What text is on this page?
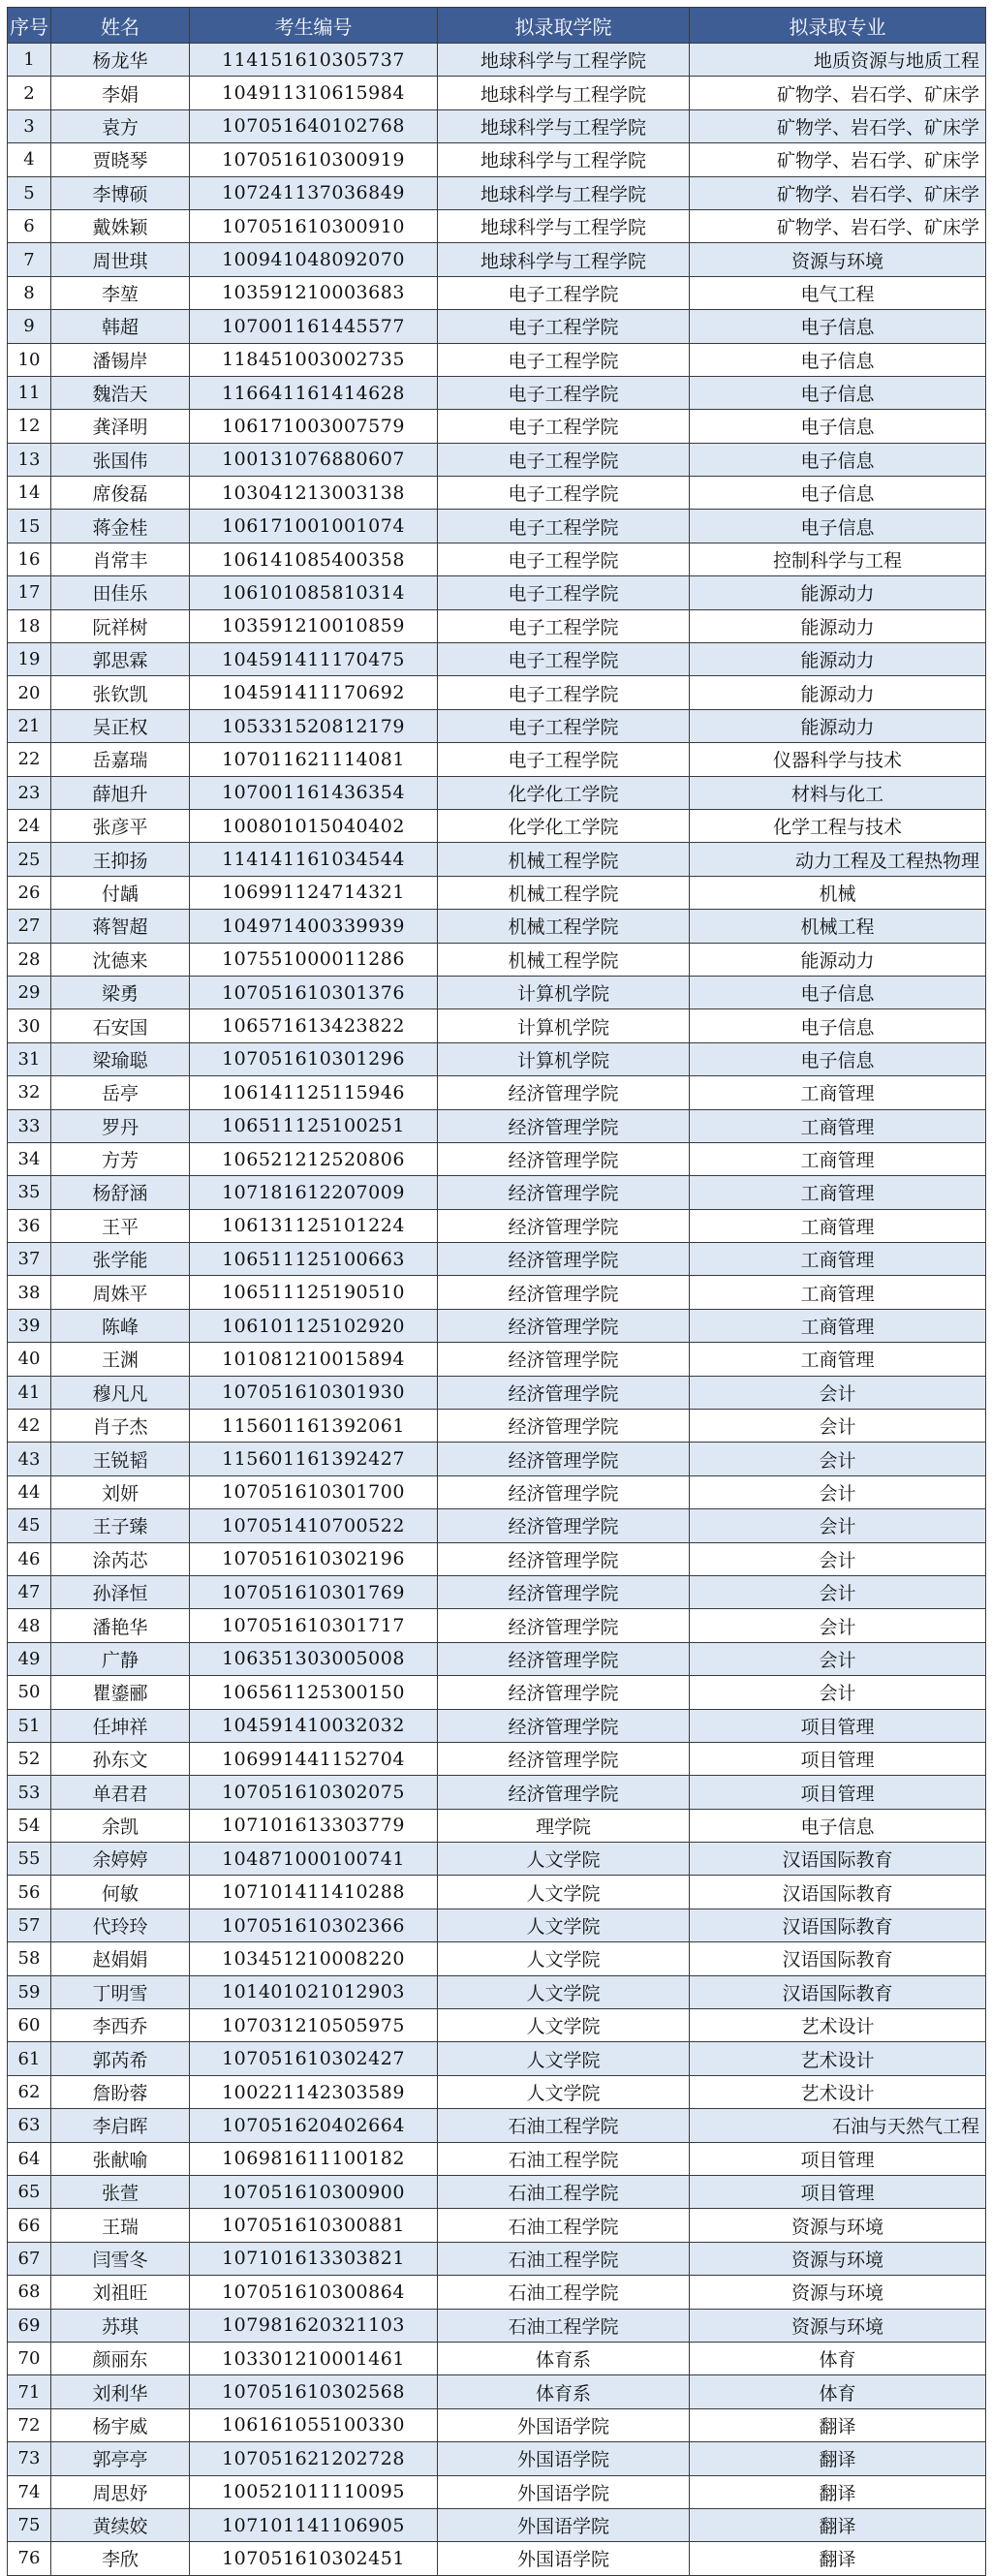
序号	姓名	考生编号	拟录取学院	拟录取专业
1	杨龙华	114151610305737	地球科学与工程学院	地质资源与地质工程
2	李娟	104911310615984	地球科学与工程学院	矿物学、岩石学、矿床学
3	袁方	107051640102768	地球科学与工程学院	矿物学、岩石学、矿床学
4	贾晓琴	107051610300919	地球科学与工程学院	矿物学、岩石学、矿床学
5	李博硕	107241137036849	地球科学与工程学院	矿物学、岩石学、矿床学
6	戴姝颖	107051610300910	地球科学与工程学院	矿物学、岩石学、矿床学
7	周世琪	100941048092070	地球科学与工程学院	资源与环境
8	李堃	103591210003683	电子工程学院	电气工程
9	韩超	107001161445577	电子工程学院	电子信息
10	潘锡岸	118451003002735	电子工程学院	电子信息
11	魏浩天	116641161414628	电子工程学院	电子信息
12	龚泽明	106171003007579	电子工程学院	电子信息
13	张国伟	100131076880607	电子工程学院	电子信息
14	席俊磊	103041213003138	电子工程学院	电子信息
15	蒋金桂	106171001001074	电子工程学院	电子信息
16	肖常丰	106141085400358	电子工程学院	控制科学与工程
17	田佳乐	106101085810314	电子工程学院	能源动力
18	阮祥树	103591210010859	电子工程学院	能源动力
19	郭思霖	104591411170475	电子工程学院	能源动力
20	张钦凯	104591411170692	电子工程学院	能源动力
21	吴正权	105331520812179	电子工程学院	能源动力
22	岳嘉瑞	107011621114081	电子工程学院	仪器科学与技术
23	薛旭升	107001161436354	化学化工学院	材料与化工
24	张彦平	100801015040402	化学化工学院	化学工程与技术
25	王抑扬	114141161034544	机械工程学院	动力工程及工程热物理
26	付龋	106991124714321	机械工程学院	机械
27	蒋智超	104971400339939	机械工程学院	机械工程
28	沈德来	107551000011286	机械工程学院	能源动力
29	梁勇	107051610301376	计算机学院	电子信息
30	石安国	106571613423822	计算机学院	电子信息
31	梁瑜聪	107051610301296	计算机学院	电子信息
32	岳亭	106141125115946	经济管理学院	工商管理
33	罗丹	106511125100251	经济管理学院	工商管理
34	方芳	106521212520806	经济管理学院	工商管理
35	杨舒涵	107181612207009	经济管理学院	工商管理
36	王平	106131125101224	经济管理学院	工商管理
37	张学能	106511125100663	经济管理学院	工商管理
38	周姝平	106511125190510	经济管理学院	工商管理
39	陈峰	106101125102920	经济管理学院	工商管理
40	王渊	101081210015894	经济管理学院	工商管理
41	穆凡凡	107051610301930	经济管理学院	会计
42	肖子杰	115601161392061	经济管理学院	会计
43	王锐韬	115601161392427	经济管理学院	会计
44	刘妍	107051610301700	经济管理学院	会计
45	王子臻	107051410700522	经济管理学院	会计
46	涂芮芯	107051610302196	经济管理学院	会计
47	孙泽恒	107051610301769	经济管理学院	会计
48	潘艳华	107051610301717	经济管理学院	会计
49	广静	106351303005008	经济管理学院	会计
50	瞿鎏郦	106561125300150	经济管理学院	会计
51	任坤祥	104591410032032	经济管理学院	项目管理
52	孙东文	106991441152704	经济管理学院	项目管理
53	单君君	107051610302075	经济管理学院	项目管理
54	余凯	107101613303779	理学院	电子信息
55	余婷婷	104871000100741	人文学院	汉语国际教育
56	何敏	107101411410288	人文学院	汉语国际教育
57	代玲玲	107051610302366	人文学院	汉语国际教育
58	赵娟娟	103451210008220	人文学院	汉语国际教育
59	丁明雪	101401021012903	人文学院	汉语国际教育
60	李西乔	107031210505975	人文学院	艺术设计
61	郭芮希	107051610302427	人文学院	艺术设计
62	詹盼蓉	100221142303589	人文学院	艺术设计
63	李启晖	107051620402664	石油工程学院	石油与天然气工程
64	张献喻	106981611100182	石油工程学院	项目管理
65	张萱	107051610300900	石油工程学院	项目管理
66	王瑞	107051610300881	石油工程学院	资源与环境
67	闫雪冬	107101613303821	石油工程学院	资源与环境
68	刘祖旺	107051610300864	石油工程学院	资源与环境
69	苏琪	107981620321103	石油工程学院	资源与环境
70	颜丽东	103301210001461	体育系	体育
71	刘利华	107051610302568	体育系	体育
72	杨宇威	106161055100330	外国语学院	翻译
73	郭亭亭	107051621202728	外国语学院	翻译
74	周思妤	100521011110095	外国语学院	翻译
75	黄续姣	107101141106905	外国语学院	翻译
76	李欣	107051610302451	外国语学院	翻译
